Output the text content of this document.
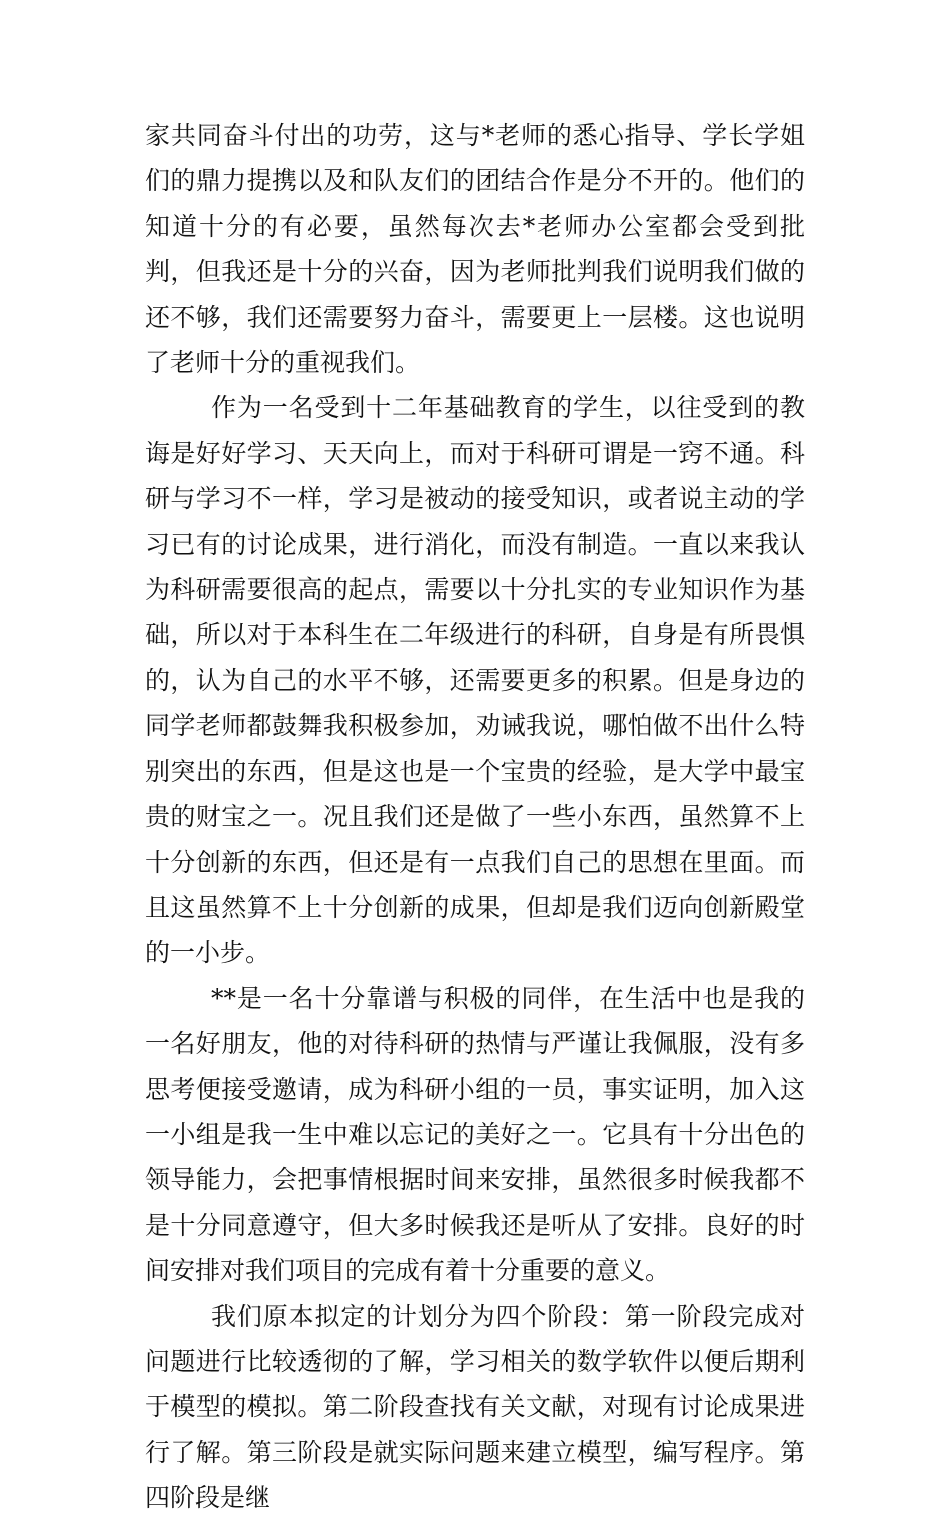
家共同奋斗付出的功劳，这与*老师的悉心指导、学长学姐们的鼎力提携以及和队友们的团结合作是分不开的。他们的知道十分的有必要，虽然每次去*老师办公室都会受到批判，但我还是十分的兴奋，因为老师批判我们说明我们做的还不够，我们还需要努力奋斗，需要更上一层楼。这也说明了老师十分的重视我们。

作为一名受到十二年基础教育的学生，以往受到的教诲是好好学习、天天向上，而对于科研可谓是一窍不通。科研与学习不一样，学习是被动的接受知识，或者说主动的学习已有的讨论成果，进行消化，而没有制造。一直以来我认为科研需要很高的起点，需要以十分扎实的专业知识作为基础，所以对于本科生在二年级进行的科研，自身是有所畏惧的，认为自己的水平不够，还需要更多的积累。但是身边的同学老师都鼓舞我积极参加，劝诫我说，哪怕做不出什么特别突出的东西，但是这也是一个宝贵的经验，是大学中最宝贵的财宝之一。况且我们还是做了一些小东西，虽然算不上十分创新的东西，但还是有一点我们自己的思想在里面。而且这虽然算不上十分创新的成果，但却是我们迈向创新殿堂的一小步。

**是一名十分靠谱与积极的同伴，在生活中也是我的一名好朋友，他的对待科研的热情与严谨让我佩服，没有多思考便接受邀请，成为科研小组的一员，事实证明，加入这一小组是我一生中难以忘记的美好之一。它具有十分出色的领导能力，会把事情根据时间来安排，虽然很多时候我都不是十分同意遵守，但大多时候我还是听从了安排。良好的时间安排对我们项目的完成有着十分重要的意义。

我们原本拟定的计划分为四个阶段：第一阶段完成对问题进行比较透彻的了解，学习相关的数学软件以便后期利于模型的模拟。第二阶段查找有关文献，对现有讨论成果进行了解。第三阶段是就实际问题来建立模型，编写程序。第四阶段是继
